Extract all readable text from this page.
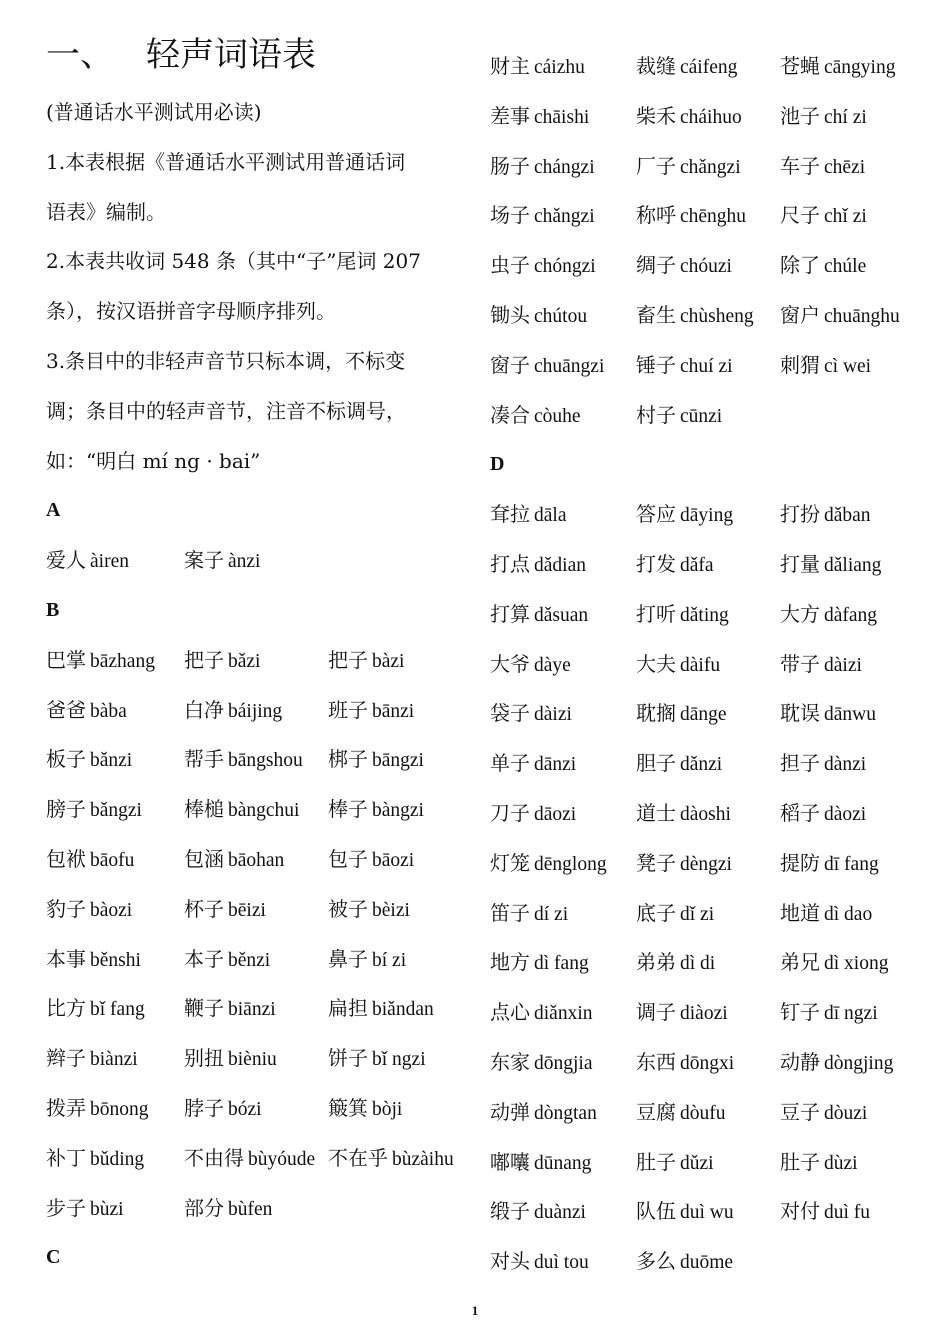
一、 轻声词语表
(普通话水平测试用必读)
1.本表根据《普通话水平测试用普通话词
语表》编制。
2.本表共收词 548 条（其中“子”尾词 207
条），按汉语拼音字母顺序排列。
3.条目中的非轻声音节只标本调，不标变
调；条目中的轻声音节，注音不标调号，
如：“明白 mí ng · bai”
A
爱人 àiren	案子 ànzi
B
巴掌 bāzhang 把子 bǎzi	把子 bàzi
爸爸 bàba	白净 báijing 班子 bānzi
板子 bǎnzi	帮手 bāngshou 梆子 bāngzi
膀子 bǎngzi 棒槌 bàngchui 棒子 bàngzi
包袱 bāofu 包涵 bāohan 包子 bāozi
豹子 bàozi	杯子 bēizi	被子 bèizi
本事 běnshi 本子 běnzi	鼻子 bí zi
比方 bǐ fang 鞭子 biānzi	扁担 biǎndan
辫子 biànzi 别扭 bièniu	饼子 bǐ ngzi
拨弄 bōnong 脖子 bózi	簸箕 bòji
补丁 bǔding 不由得 bùyóude 不在乎 bùzàihu
步子 bùzi	部分 bùfen
C
财主 cáizhu	裁缝 cáifeng 苍蝇 cāngying
差事 chāishi 柴禾 cháihuo 池子 chí zi
肠子 chángzi 厂子 chǎngzi 车子 chēzi
场子 chǎngzi 称呼 chēnghu 尺子 chǐ zi
虫子 chóngzi 绸子 chóuzi 除了 chúle
锄头 chútou 畜生 chùsheng 窗户 chuānghu
窗子 chuāngzi 锤子 chuí zi 刺猬 cì wei
凑合 còuhe	村子 cūnzi
D
耷拉 dāla	答应 dāying 打扮 dǎban
打点 dǎdian	打发 dǎfa	打量 dǎliang
打算 dǎsuan 打听 dǎting	大方 dàfang
大爷 dàye	大夫 dàifu	带子 dàizi
袋子 dàizi	耽搁 dānge	耽误 dānwu
单子 dānzi	胆子 dǎnzi	担子 dànzi
刀子 dāozi	道士 dàoshi 稻子 dàozi
灯笼 dēnglong 凳子 dèngzi 提防 dī fang
笛子 dí zi	底子 dǐ zi	地道 dì dao
地方 dì fang 弟弟 dì di	弟兄 dì xiong
点心 diǎnxin 调子 diàozi	钉子 dī ngzi
东家 dōngjia 东西 dōngxi 动静 dòngjing
动弹 dòngtan 豆腐 dòufu	豆子 dòuzi
嘟囔 dūnang 肚子 dǔzi	肚子 dùzi
缎子 duànzi	队伍 duì wu 对付 duì fu
对头 duì tou 多么 duōme
1
